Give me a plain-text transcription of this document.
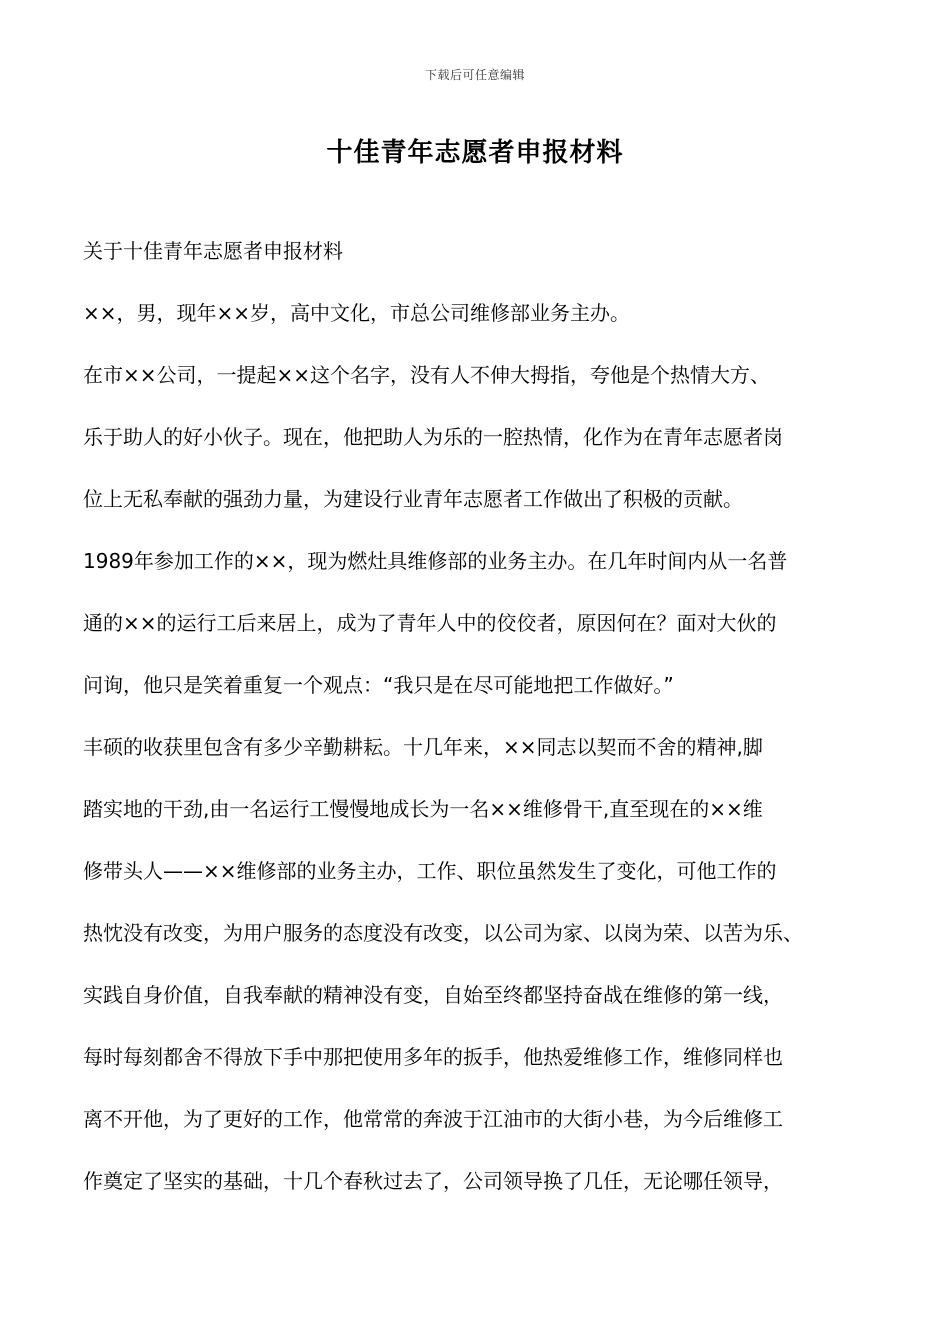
下载后可任意编辑
十佳青年志愿者申报材料

关于十佳青年志愿者申报材料

××，男，现年××岁，高中文化，市总公司维修部业务主办。

在市××公司，一提起××这个名字，没有人不伸大拇指，夸他是个热情大方、
乐于助人的好小伙子。现在，他把助人为乐的一腔热情，化作为在青年志愿者岗
位上无私奉献的强劲力量，为建设行业青年志愿者工作做出了积极的贡献。

1989年参加工作的××，现为燃灶具维修部的业务主办。在几年时间内从一名普
通的××的运行工后来居上，成为了青年人中的佼佼者，原因何在？面对大伙的
问询，他只是笑着重复一个观点：“我只是在尽可能地把工作做好。”

丰硕的收获里包含有多少辛勤耕耘。十几年来，××同志以契而不舍的精神,脚
踏实地的干劲,由一名运行工慢慢地成长为一名××维修骨干,直至现在的××维
修带头人——××维修部的业务主办，工作、职位虽然发生了变化，可他工作的
热忱没有改变，为用户服务的态度没有改变，以公司为家、以岗为荣、以苦为乐、
实践自身价值，自我奉献的精神没有变，自始至终都坚持奋战在维修的第一线，
每时每刻都舍不得放下手中那把使用多年的扳手，他热爱维修工作，维修同样也
离不开他，为了更好的工作，他常常的奔波于江油市的大街小巷，为今后维修工
作奠定了坚实的基础，十几个春秋过去了，公司领导换了几任，无论哪任领导，
